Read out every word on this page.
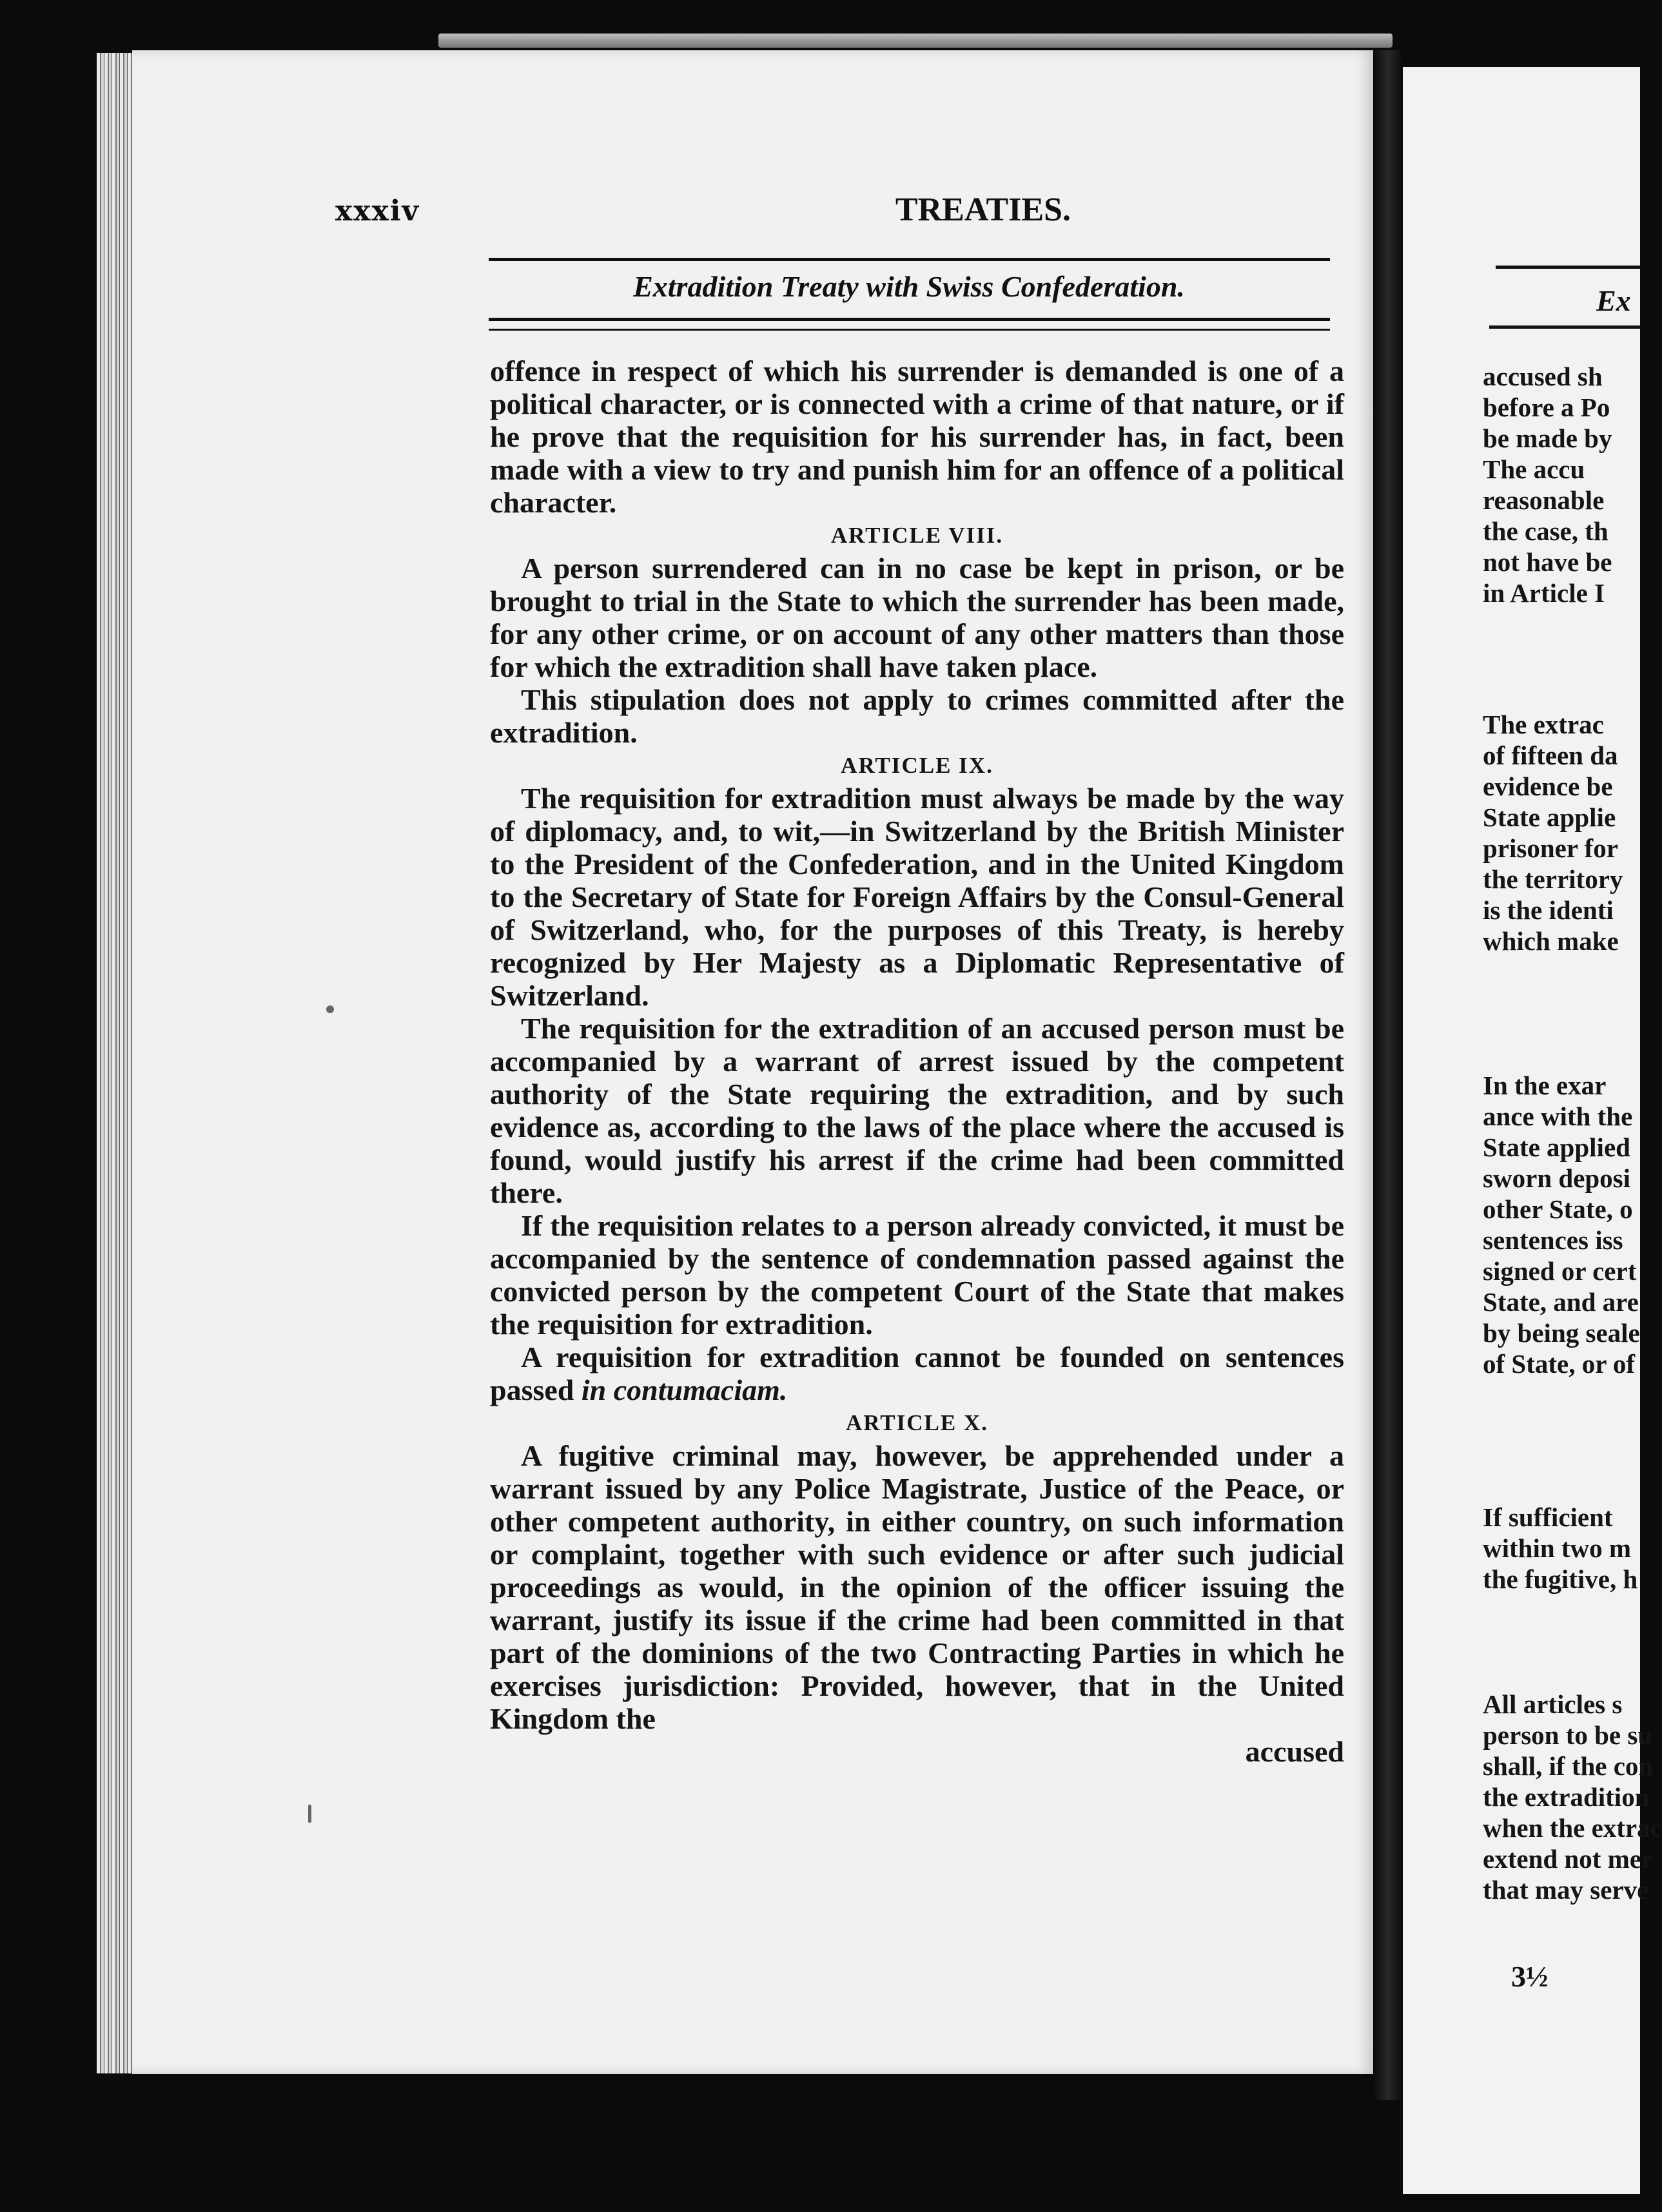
xxxiv	TREATIES.
Extradition Treaty with Swiss Confederation.

offence in respect of which his surrender is demanded is one of a political character, or is connected with a crime of that nature, or if he prove that the requisition for his surrender has, in fact, been made with a view to try and punish him for an offence of a political character.

ARTICLE VIII.

A person surrendered can in no case be kept in prison, or be brought to trial in the State to which the surrender has been made, for any other crime, or on account of any other matters than those for which the extradition shall have taken place.

This stipulation does not apply to crimes committed after the extradition.

ARTICLE IX.

The requisition for extradition must always be made by the way of diplomacy, and, to wit,—in Switzerland by the British Minister to the President of the Confederation, and in the United Kingdom to the Secretary of State for Foreign Affairs by the Consul-General of Switzerland, who, for the purposes of this Treaty, is hereby recognized by Her Majesty as a Diplomatic Representative of Switzerland.

The requisition for the extradition of an accused person must be accompanied by a warrant of arrest issued by the competent authority of the State requiring the extradition, and by such evidence as, according to the laws of the place where the accused is found, would justify his arrest if the crime had been committed there.

If the requisition relates to a person already convicted, it must be accompanied by the sentence of condemnation passed against the convicted person by the competent Court of the State that makes the requisition for extradition.

A requisition for extradition cannot be founded on sentences passed in contumaciam.

ARTICLE X.

A fugitive criminal may, however, be apprehended under a warrant issued by any Police Magistrate, Justice of the Peace, or other competent authority, in either country, on such information or complaint, together with such evidence or after such judicial proceedings as would, in the opinion of the officer issuing the warrant, justify its issue if the crime had been committed in that part of the dominions of the two Contracting Parties in which he exercises jurisdiction: Provided, however, that in the United Kingdom the

accused

Ex
accused sh
before a Po
be made by
The accu
reasonable
the case, th
not have be
in Article I
The extrac
of fifteen da
evidence be
State applie
prisoner for
the territory
is the identi
which make
In the exar
ance with the
State applied
sworn deposi
other State, o
sentences iss
signed or cert
State, and are
by being seale
of State, or of
If sufficient
within two m
the fugitive, h
All articles s
person to be su
shall, if the con
the extradition
when the extrac
extend not mer
that may serve
3½
